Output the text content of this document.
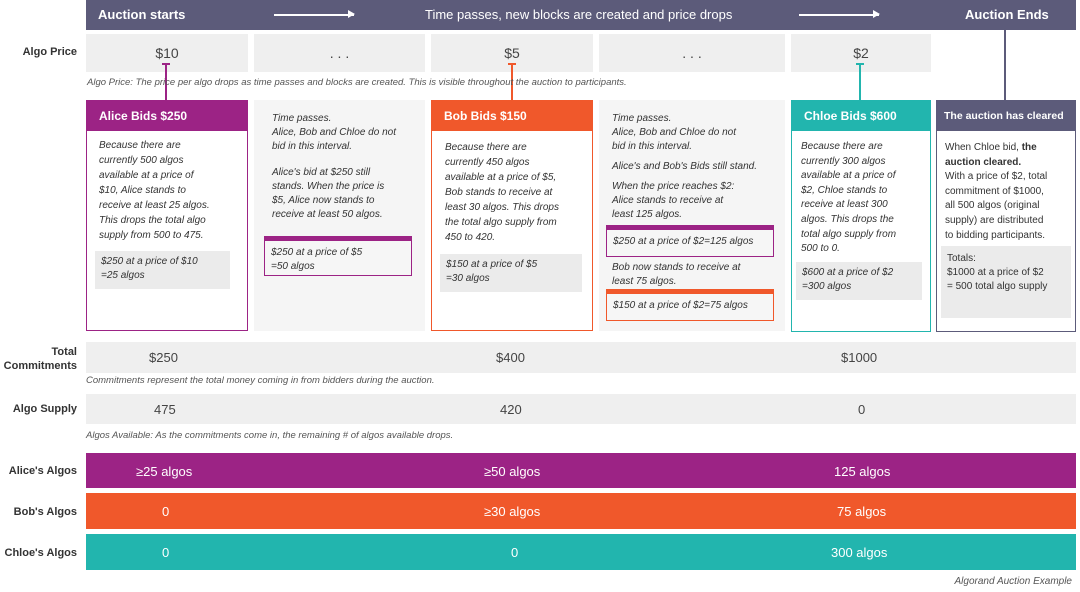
Auction starts	Time passes, new blocks are created and price drops	Auction Ends
Algo Price	$10	. . .	$5	. . .	$2
Algo Price: The price per algo drops as time passes and blocks are created. This is visible throughout the auction to participants.
Alice Bids $250
Because there are
currently 500 algos
available at a price of
$10, Alice stands to
receive at least 25 algos.
This drops the total algo
supply from 500 to 475.
$250 at a price of $10
=25 algos
Time passes.
Alice, Bob and Chloe do not
bid in this interval.
Alice's bid at $250 still
stands. When the price is
$5, Alice now stands to
receive at least 50 algos.
$250 at a price of $5
=50 algos
Bob Bids $150
Because there are
currently 450 algos
available at a price of $5,
Bob stands to receive at
least 30 algos. This drops
the total algo supply from
450 to 420.
$150 at a price of $5
=30 algos
Time passes.
Alice, Bob and Chloe do not
bid in this interval.
Alice's and Bob's Bids still stand.
When the price reaches $2:
Alice stands to receive at
least 125 algos.
$250 at a price of $2=125 algos
Bob now stands to receive at
least 75 algos.
$150 at a price of $2=75 algos
Chloe Bids $600
Because there are
currently 300 algos
available at a price of
$2, Chloe stands to
receive at least 300
algos. This drops the
total algo supply from
500 to 0.
$600 at a price of $2
=300 algos
The auction has cleared
When Chloe bid, the
auction cleared.
With a price of $2, total
commitment of $1000,
all 500 algos (original
supply) are distributed
to bidding participants.
Totals:
$1000 at a price of $2
= 500 total algo supply
Total
Commitments
$250	$400	$1000
Commitments represent the total money coming in from bidders during the auction.
Algo Supply	475	420	0
Algos Available: As the commitments come in, the remaining # of algos available drops.
Alice's Algos	≥25 algos	≥50 algos	125 algos
Bob's Algos	0	≥30 algos	75 algos
Chloe's Algos	0	0	300 algos
Algorand Auction Example
